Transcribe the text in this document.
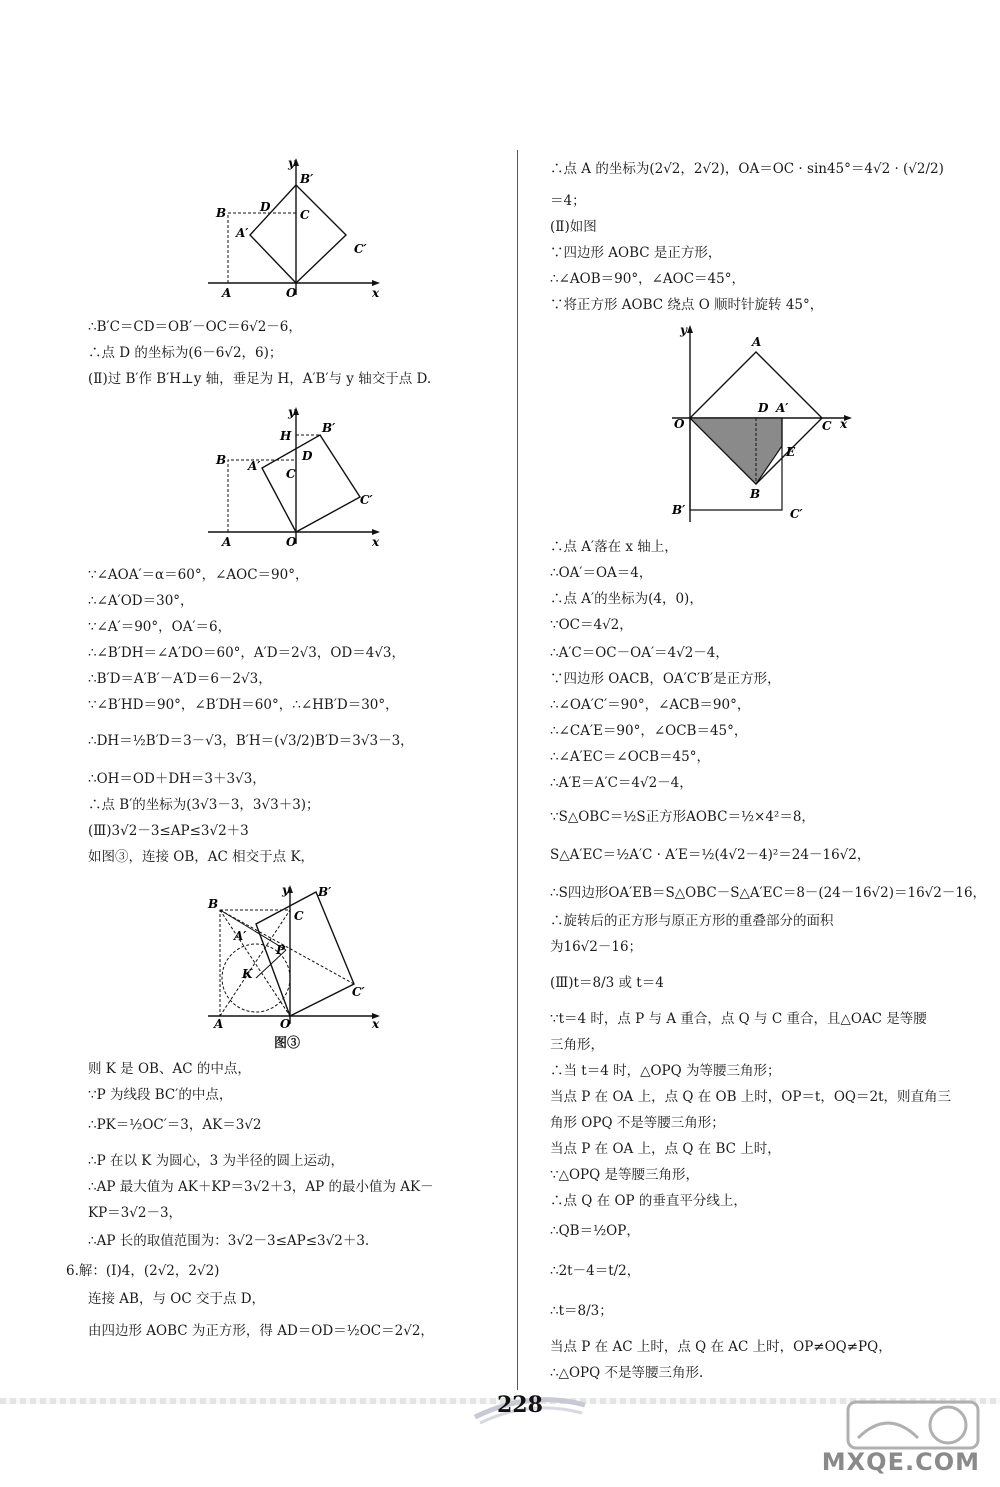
y
B′
B	D
C
A′
C′
A	O	x
∴B′C＝CD＝OB′－OC＝6√2－6，
∴点 D 的坐标为(6－6√2，6)；
(Ⅱ)过 B′作 B′H⊥y 轴，垂足为 H，A′B′与 y 轴交于点 D.
y
H
B′
B A′
D
C
C′
A	O	x
∵∠AOA′＝α＝60°，∠AOC＝90°，
∴∠A′OD＝30°，
∵∠A′＝90°，OA′＝6，
∴∠B′DH＝∠A′DO＝60°，A′D＝2√3，OD＝4√3，
∴B′D＝A′B′－A′D＝6－2√3，
∵∠B′HD＝90°，∠B′DH＝60°，∴∠HB′D＝30°，
∴DH＝½B′D＝3－√3，B′H＝(√3/2)B′D＝3√3－3，
∴OH＝OD＋DH＝3＋3√3，
∴点 B′的坐标为(3√3－3，3√3＋3)；
(Ⅲ)3√2－3≤AP≤3√2＋3
如图③，连接 OB，AC 相交于点 K，
y B′
B
C
A′
P
K
C′
A	O	x
图③
则 K 是 OB、AC 的中点，
∵P 为线段 BC′的中点，
∴PK＝½OC′＝3，AK＝3√2
∴P 在以 K 为圆心，3 为半径的圆上运动，
∴AP 最大值为 AK＋KP＝3√2＋3，AP 的最小值为 AK－
KP＝3√2－3，
∴AP 长的取值范围为：3√2－3≤AP≤3√2＋3.
6.解：(Ⅰ)4，(2√2，2√2)
连接 AB，与 OC 交于点 D，
由四边形 AOBC 为正方形，得 AD＝OD＝½OC＝2√2，
∴点 A 的坐标为(2√2，2√2)，OA＝OC · sin45°＝4√2 · (√2/2)
＝4；
(Ⅱ)如图
∵四边形 AOBC 是正方形，
∴∠AOB＝90°，∠AOC＝45°，
∵将正方形 AOBC 绕点 O 顺时针旋转 45°，
y
A
D A′
O	C x
E
B
B′	C′
∴点 A′落在 x 轴上，
∴OA′＝OA＝4，
∴点 A′的坐标为(4，0)，
∵OC＝4√2，
∴A′C＝OC－OA′＝4√2－4，
∵四边形 OACB，OA′C′B′是正方形，
∴∠OA′C′＝90°，∠ACB＝90°，
∴∠CA′E＝90°，∠OCB＝45°，
∴∠A′EC＝∠OCB＝45°，
∴A′E＝A′C＝4√2－4，
∵S△OBC＝½S正方形AOBC＝½×4²＝8，
S△A′EC＝½A′C · A′E＝½(4√2－4)²＝24－16√2，
∴S四边形OA′EB＝S△OBC－S△A′EC＝8－(24－16√2)＝16√2－16，
∴旋转后的正方形与原正方形的重叠部分的面积
为16√2－16；
(Ⅲ)t＝8/3 或 t＝4
∵t＝4 时，点 P 与 A 重合，点 Q 与 C 重合，且△OAC 是等腰
三角形，
∴当 t＝4 时，△OPQ 为等腰三角形；
当点 P 在 OA 上，点 Q 在 OB 上时，OP＝t，OQ＝2t，则直角三
角形 OPQ 不是等腰三角形；
当点 P 在 OA 上，点 Q 在 BC 上时，
∵△OPQ 是等腰三角形，
∴点 Q 在 OP 的垂直平分线上，
∴QB＝½OP，
∴2t－4＝t/2，
∴t＝8/3；
当点 P 在 AC 上时，点 Q 在 AC 上时，OP≠OQ≠PQ，
∴△OPQ 不是等腰三角形.
228
MXQE.COM
